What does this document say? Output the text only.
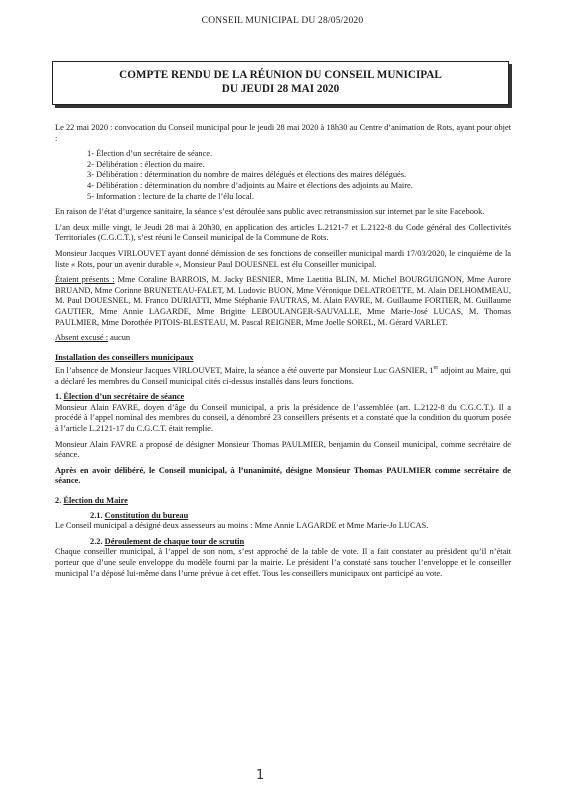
CONSEIL MUNICIPAL DU 28/05/2020
COMPTE RENDU DE LA RÉUNION DU CONSEIL MUNICIPAL
DU JEUDI 28 MAI 2020

Le 22 mai 2020 : convocation du Conseil municipal pour le jeudi 28 mai 2020 à 18h30 au Centre d’animation de Rots, ayant pour objet :

1- Élection d’un secrétaire de séance.
2- Délibération : élection du maire.
3- Délibération : détermination du nombre de maires délégués et élections des maires délégués.
4- Délibération : détermination du nombre d’adjoints au Maire et élections des adjoints au Maire.
5- Information : lecture de la charte de l’élu local.

En raison de l’état d’urgence sanitaire, la séance s’est déroulée sans public avec retransmission sur internet par le site Facebook.

L’an deux mille vingt, le Jeudi 28 mai à 20h30, en application des articles L.2121-7 et L.2122-8 du Code général des Collectivités Territoriales (C.G.C.T.), s’est réuni le Conseil municipal de la Commune de Rots.

Monsieur Jacques VIRLOUVET ayant donné démission de ses fonctions de conseiller municipal mardi 17/03/2020, le cinquième de la liste « Rots, pour un avenir durable », Monsieur Paul DOUESNEL est élu Conseiller municipal.

Étaient présents : Mme Coraline BARROIS, M. Jacky BESNIER, Mme Laetitia BLIN, M. Michel BOURGUIGNON, Mme Aurore BRUAND, Mme Corinne BRUNETEAU-FALET, M. Ludovic BUON, Mme Véronique DELATROETTE, M. Alain DELHOMMEAU, M. Paul DOUESNEL, M. Franco DURIATTI, Mme Stéphanie FAUTRAS, M. Alain FAVRE, M. Guillaume FORTIER, M. Guillaume GAUTIER, Mme Annie LAGARDE, Mme Brigitte LEBOULANGER-SAUVALLE, Mme Marie-José LUCAS, M. Thomas PAULMIER, Mme Dorothée PITOIS-BLESTEAU, M. Pascal REIGNER, Mme Joelle SOREL, M. Gérard VARLET.

Absent excusé : aucun

Installation des conseillers municipaux

En l’absence de Monsieur Jacques VIRLOUVET, Maire, la séance a été ouverte par Monsieur Luc GASNIER, 1er adjoint au Maire, qui a déclaré les membres du Conseil municipal cités ci-dessus installés dans leurs fonctions.

1. Élection d’un secrétaire de séance

Monsieur Alain FAVRE, doyen d’âge du Conseil municipal, a pris la présidence de l’assemblée (art. L.2122-8 du C.G.C.T.). Il a procédé à l’appel nominal des membres du conseil, a dénombré 23 conseillers présents et a constaté que la condition du quorum posée à l’article L.2121-17 du C.G.C.T. était remplie.

Monsieur Alain FAVRE a proposé de désigner Monsieur Thomas PAULMIER, benjamin du Conseil municipal, comme secrétaire de séance.

Après en avoir délibéré, le Conseil municipal, à l’unanimité, désigne Monsieur Thomas PAULMIER comme secrétaire de séance.

2. Élection du Maire
2.1. Constitution du bureau

Le Conseil municipal a désigné deux assesseurs au moins : Mme Annie LAGARDE et Mme Marie-Jo LUCAS.

2.2. Déroulement de chaque tour de scrutin

Chaque conseiller municipal, à l’appel de son nom, s’est approché de la table de vote. Il a fait constater au président qu’il n’était porteur que d’une seule enveloppe du modèle fourni par la mairie. Le président l’a constaté sans toucher l’enveloppe et le conseiller municipal l’a déposé lui-même dans l’urne prévue à cet effet. Tous les conseillers municipaux ont participé au vote.

1
